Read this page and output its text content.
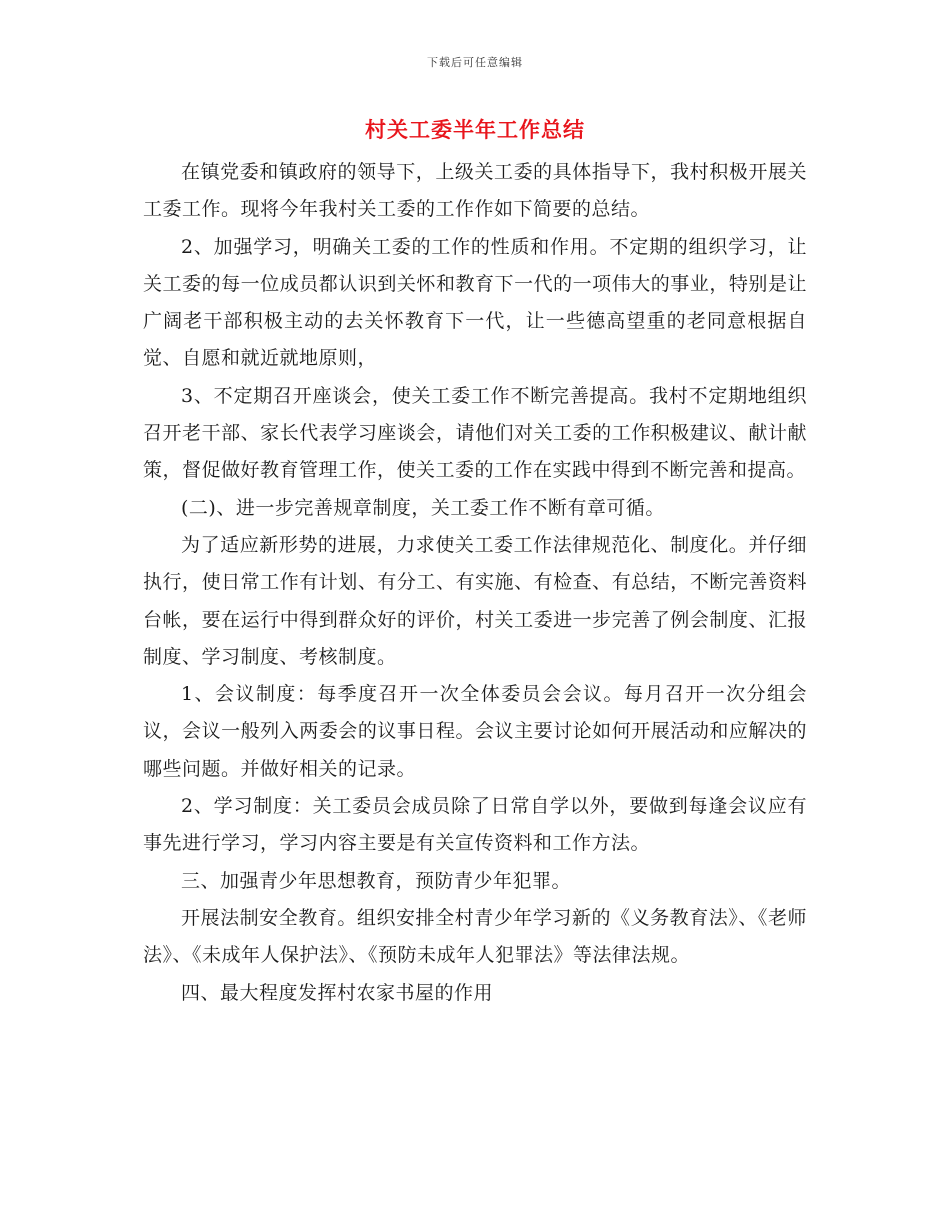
下载后可任意编辑
村关工委半年工作总结

在镇党委和镇政府的领导下，上级关工委的具体指导下，我村积极开展关工委工作。现将今年我村关工委的工作作如下简要的总结。

2、加强学习，明确关工委的工作的性质和作用。不定期的组织学习，让关工委的每一位成员都认识到关怀和教育下一代的一项伟大的事业，特别是让广阔老干部积极主动的去关怀教育下一代，让一些德高望重的老同意根据自觉、自愿和就近就地原则，

3、不定期召开座谈会，使关工委工作不断完善提高。我村不定期地组织召开老干部、家长代表学习座谈会，请他们对关工委的工作积极建议、献计献策，督促做好教育管理工作，使关工委的工作在实践中得到不断完善和提高。

(二)、进一步完善规章制度，关工委工作不断有章可循。

为了适应新形势的进展，力求使关工委工作法律规范化、制度化。并仔细执行，使日常工作有计划、有分工、有实施、有检查、有总结，不断完善资料台帐，要在运行中得到群众好的评价，村关工委进一步完善了例会制度、汇报制度、学习制度、考核制度。

1、会议制度：每季度召开一次全体委员会会议。每月召开一次分组会议，会议一般列入两委会的议事日程。会议主要讨论如何开展活动和应解决的哪些问题。并做好相关的记录。

2、学习制度：关工委员会成员除了日常自学以外，要做到每逢会议应有事先进行学习，学习内容主要是有关宣传资料和工作方法。

三、加强青少年思想教育，预防青少年犯罪。

开展法制安全教育。组织安排全村青少年学习新的《义务教育法》、《老师法》、《未成年人保护法》、《预防未成年人犯罪法》等法律法规。

四、最大程度发挥村农家书屋的作用
